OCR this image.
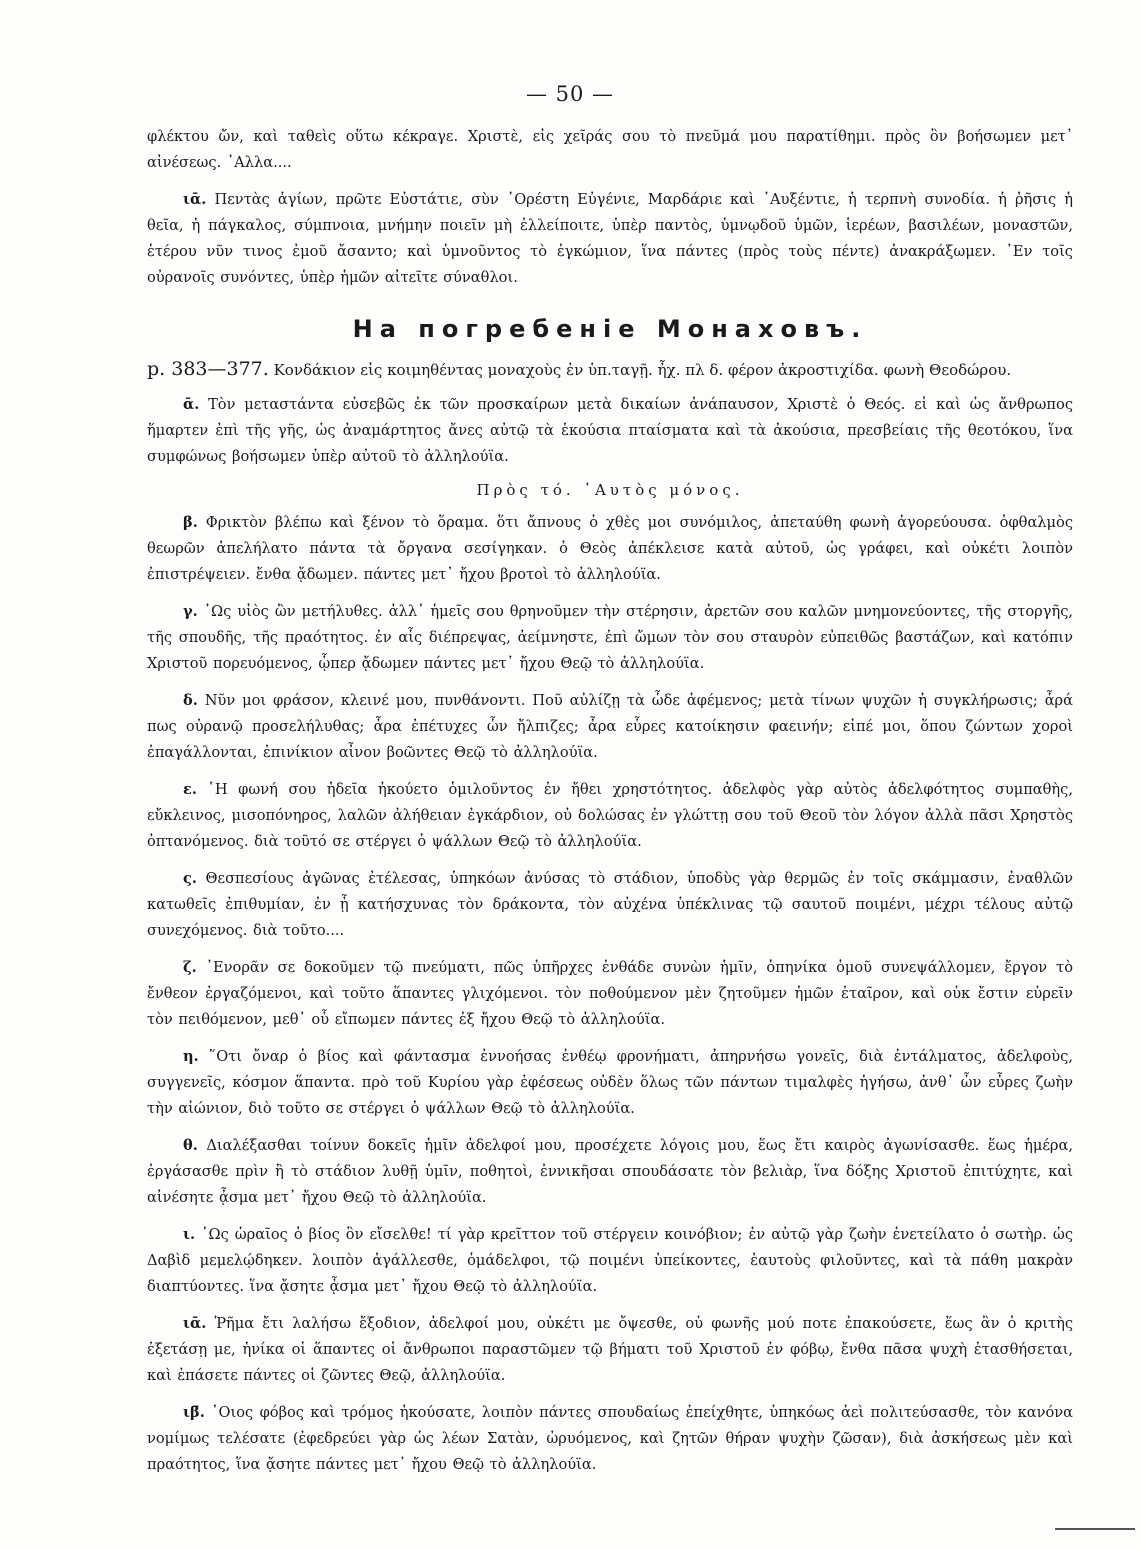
— 50 —

φλέκτου ὤν, καὶ ταθεὶς οὕτω κέκραγε. Χριστὲ, εἰς χεῖράς σου τὸ πνεῦμά μου παρατίθημι. πρὸς ὃν βοήσωμεν μετ᾽ αἰνέσεως. ᾽Αλλα....

ιᾱ. Πεντὰς ἁγίων, πρῶτε Εὐστάτιε, σὺν ᾽Ορέστη Εὐγένιε, Μαρδάριε καὶ ᾽Αυξέντιε, ἡ τερπνὴ συνοδία. ἡ ῥῆσις ἡ θεῖα, ἡ πάγκαλος, σύμπνοια, μνήμην ποιεῖν μὴ ἐλλείποιτε, ὑπὲρ παντὸς, ὑμνῳδοῦ ὑμῶν, ἱερέων, βασιλέων, μοναστῶν, ἑτέρου νῦν τινος ἐμοῦ ἄσαντο; καὶ ὑμνοῦντος τὸ ἐγκώμιον, ἵνα πάντες (πρὸς τοὺς πέντε) ἀνακράξωμεν. ᾽Εν τοῖς οὐρανοῖς συνόντες, ὑπὲρ ἡμῶν αἰτεῖτε σύναθλοι.

На погребеніе Монаховъ.

p. 383—377. Κονδάκιον εἰς κοιμηθέντας μοναχοὺς ἐν ὑπ.ταγῇ. ἦχ. πλ δ. φέρον ἀκροστιχίδα. φωνὴ Θεοδώρου.

ᾱ. Τὸν μεταστάντα εὐσεβῶς ἐκ τῶν προσκαίρων μετὰ δικαίων ἀνάπαυσον, Χριστὲ ὁ Θεός. εἰ καὶ ὡς ἄνθρωπος ἥμαρτεν ἐπὶ τῆς γῆς, ὡς ἀναμάρτητος ἄνες αὐτῷ τὰ ἑκούσια πταίσματα καὶ τὰ ἀκούσια, πρεσβείαις τῆς θεοτόκου, ἵνα συμφώνως βοήσωμεν ὑπὲρ αὐτοῦ τὸ ἀλληλούϊα.

Πρὸς τό. ᾽Αυτὸς μόνος.

β. Φρικτὸν βλέπω καὶ ξένον τὸ ὅραμα. ὅτι ἄπνους ὁ χθὲς μοι συνόμιλος, ἀπεταύθη φωνὴ ἀγορεύουσα. ὀφθαλμὸς θεωρῶν ἀπελήλατο πάντα τὰ ὄργανα σεσίγηκαν. ὁ Θεὸς ἀπέκλεισε κατὰ αὐτοῦ, ὡς γράφει, καὶ οὐκέτι λοιπὸν ἐπιστρέψειεν. ἔνθα ᾄδωμεν. πάντες μετ᾽ ἤχου βροτοὶ τὸ ἀλληλούϊα.

γ. ᾽Ως υἱὸς ὢν μετήλυθες. ἀλλ᾽ ἡμεῖς σου θρηνοῦμεν τὴν στέρησιν, ἀρετῶν σου καλῶν μνημονεύοντες, τῆς στοργῆς, τῆς σπουδῆς, τῆς πραότητος. ἐν αἷς διέπρεψας, ἀείμνηστε, ἐπὶ ὤμων τὸν σου σταυρὸν εὐπειθῶς βαστάζων, καὶ κατόπιν Χριστοῦ πορευόμενος, ᾧπερ ᾄδωμεν πάντες μετ᾽ ἤχου Θεῷ τὸ ἀλληλούϊα.

δ. Νῦν μοι φράσον, κλεινέ μου, πυνθάνοντι. Ποῦ αὐλίζῃ τὰ ὧδε ἀφέμενος; μετὰ τίνων ψυχῶν ἡ συγκλήρωσις; ἆρά πως οὐρανῷ προσελήλυθας; ἆρα ἐπέτυχες ὧν ἤλπιζες; ἆρα εὗρες κατοίκησιν φαεινήν; εἰπέ μοι, ὅπου ζώντων χοροὶ ἐπαγάλλονται, ἐπινίκιον αἶνον βοῶντες Θεῷ τὸ ἀλληλούϊα.

ε. ῾Η φωνή σου ἡδεῖα ἠκούετο ὁμιλοῦντος ἐν ἤθει χρηστότητος. ἀδελφὸς γὰρ αὐτὸς ἀδελφότητος συμπαθὴς, εὔκλεινος, μισοπόνηρος, λαλῶν ἀλήθειαν ἐγκάρδιον, οὐ δολώσας ἐν γλώττῃ σου τοῦ Θεοῦ τὸν λόγον ἀλλὰ πᾶσι Χρηστὸς ὀπτανόμενος. διὰ τοῦτό σε στέργει ὁ ψάλλων Θεῷ τὸ ἀλληλούϊα.

ς. Θεσπεσίους ἀγῶνας ἐτέλεσας, ὑπηκόων ἀνύσας τὸ στάδιον, ὑποδὺς γὰρ θερμῶς ἐν τοῖς σκάμμασιν, ἐναθλῶν κατωθεῖς ἐπιθυμίαν, ἐν ᾗ κατήσχυνας τὸν δράκοντα, τὸν αὐχένα ὑπέκλινας τῷ σαυτοῦ ποιμένι, μέχρι τέλους αὐτῷ συνεχόμενος. διὰ τοῦτο....

ζ. ᾽Ενορᾶν σε δοκοῦμεν τῷ πνεύματι, πῶς ὑπῆρχες ἐνθάδε συνὼν ἡμῖν, ὁπηνίκα ὁμοῦ συνεψάλλομεν, ἔργον τὸ ἔνθεον ἐργαζόμενοι, καὶ τοῦτο ἅπαντες γλιχόμενοι. τὸν ποθούμενον μὲν ζητοῦμεν ἡμῶν ἑταῖρον, καὶ οὐκ ἔστιν εὑρεῖν τὸν πειθόμενον, μεθ᾽ οὗ εἴπωμεν πάντες ἐξ ἤχου Θεῷ τὸ ἀλληλούϊα.

η. ῞Οτι ὄναρ ὁ βίος καὶ φάντασμα ἐννοήσας ἐνθέῳ φρονήματι, ἀπηρνήσω γονεῖς, διὰ ἐντάλματος, ἀδελφοὺς, συγγενεῖς, κόσμον ἅπαντα. πρὸ τοῦ Κυρίου γὰρ ἐφέσεως οὐδὲν ὅλως τῶν πάντων τιμαλφὲς ἡγήσω, ἀνθ᾽ ὧν εὗρες ζωὴν τὴν αἰώνιον, διὸ τοῦτο σε στέργει ὁ ψάλλων Θεῷ τὸ ἀλληλούϊα.

θ. Διαλέξασθαι τοίνυν δοκεῖς ἡμῖν ἀδελφοί μου, προσέχετε λόγοις μου, ἕως ἔτι καιρὸς ἀγωνίσασθε. ἕως ἡμέρα, ἐργάσασθε πρὶν ἢ τὸ στάδιον λυθῇ ὑμῖν, ποθητοὶ, ἐννικῆσαι σπουδάσατε τὸν βελιὰρ, ἵνα δόξης Χριστοῦ ἐπιτύχητε, καὶ αἰνέσητε ᾆσμα μετ᾽ ἤχου Θεῷ τὸ ἀλληλούϊα.

ι. ῾Ως ὡραῖος ὁ βίος ὃν εἴσελθε! τί γὰρ κρεῖττον τοῦ στέργειν κοινόβιον; ἐν αὐτῷ γὰρ ζωὴν ἐνετείλατο ὁ σωτὴρ. ὡς Δαβὶδ μεμελῴδηκεν. λοιπὸν ἀγάλλεσθε, ὁμάδελφοι, τῷ ποιμένι ὑπείκοντες, ἑαυτοὺς φιλοῦντες, καὶ τὰ πάθη μακρὰν διαπτύοντες. ἵνα ᾄσητε ᾆσμα μετ᾽ ἤχου Θεῷ τὸ ἀλληλούϊα.

ιᾱ. Ῥῆμα ἔτι λαλήσω ἔξοδιον, ἀδελφοί μου, οὐκέτι με ὄψεσθε, οὐ φωνῆς μού ποτε ἐπακούσετε, ἕως ἂν ὁ κριτὴς ἐξετάσῃ με, ἡνίκα οἱ ἅπαντες οἱ ἄνθρωποι παραστῶμεν τῷ βήματι τοῦ Χριστοῦ ἐν φόβῳ, ἔνθα πᾶσα ψυχὴ ἐτασθήσεται, καὶ ἐπάσετε πάντες οἱ ζῶντες Θεῷ, ἀλληλούϊα.

ιβ̄. ῾Οιος φόβος καὶ τρόμος ἠκούσατε, λοιπὸν πάντες σπουδαίως ἐπείχθητε, ὑπηκόως ἀεὶ πολιτεύσασθε, τὸν κανόνα νομίμως τελέσατε (ἐφεδρεύει γὰρ ὡς λέων Σατὰν, ὠρυόμενος, καὶ ζητῶν θήραν ψυχὴν ζῶσαν), διὰ ἀσκήσεως μὲν καὶ πραότητος, ἵνα ᾄσητε πάντες μετ᾽ ἤχου Θεῷ τὸ ἀλληλούϊα.
